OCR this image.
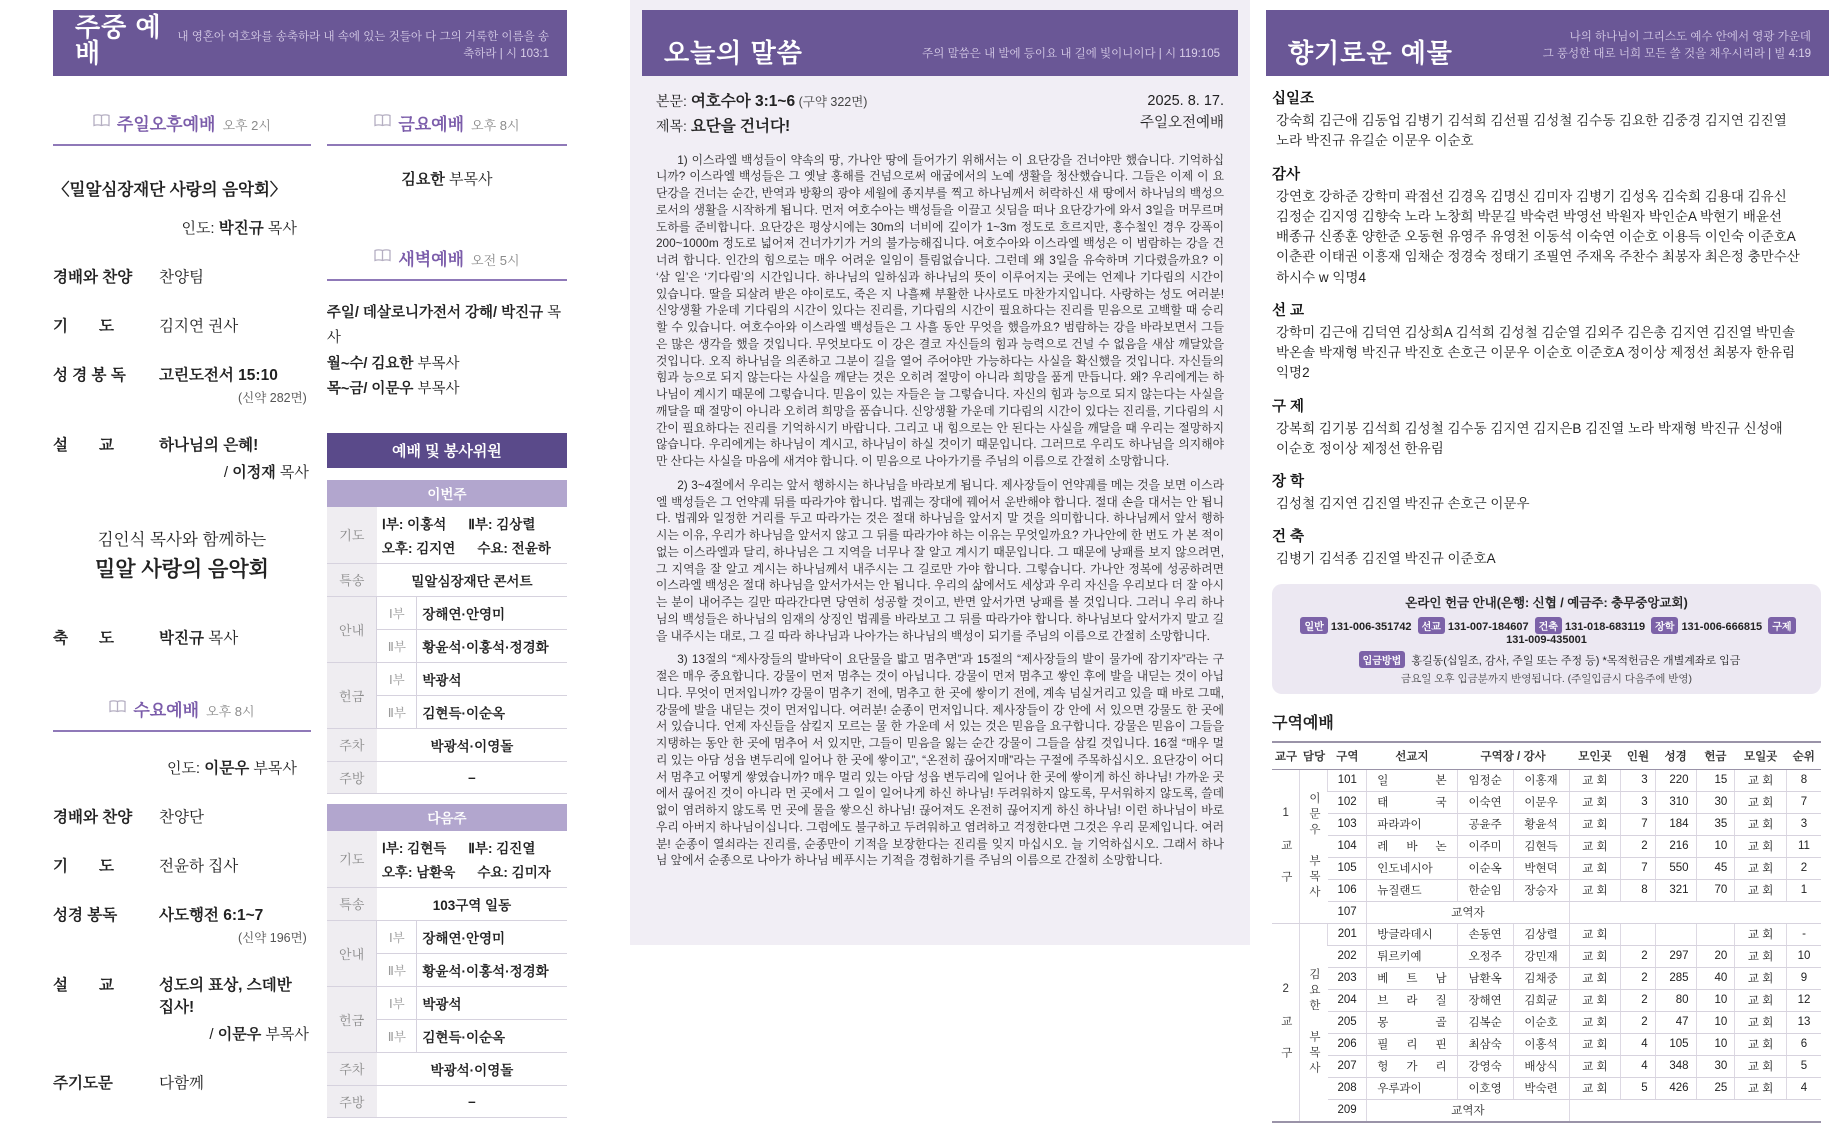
주중 예배
내 영혼아 여호와를 송축하라 내 속에 있는 것들아 다 그의 거룩한 이름을 송축하라 | 시 103:1
주일오후예배 오후 2시
〈밀알심장재단 사랑의 음악회〉
인도: 박진규 목사
경배와 찬양	찬양팀
기  도	김지연 권사
성 경 봉 독	고린도전서 15:10
(신약 282면)
설  교	하나님의 은혜!
/ 이정재 목사
김인식 목사와 함께하는
밀알 사랑의 음악회
축  도	박진규 목사
수요예배 오후 8시
인도: 이문우 부목사
경배와 찬양	찬양단
기  도	전윤하 집사
성경 봉독	사도행전 6:1~7
(신약 196면)
설  교	성도의 표상, 스데반 집사!
/ 이문우 부목사
주기도문	다함께
금요예배 오후 8시
김요한 부목사
새벽예배 오전 5시
주일/ 데살로니가전서 강해/ 박진규 목사
월~수/ 김요한 부목사
목~금/ 이문우 부목사
예배 및 봉사위원
이번주		
기도	Ⅰ부: 이홍석 Ⅱ부: 김상렬
오후: 김지연 수요: 전윤하	

특송	밀알심장재단 콘서트	
안내	Ⅰ부	장해연·안영미
	Ⅱ부	황윤석·이홍석·정경화
헌금	Ⅰ부	박광석
	Ⅱ부	김현득·이순옥
주차	박광석·이영돌	
주방	–	
다음주		
기도	Ⅰ부: 김현득 Ⅱ부: 김진열
오후: 남환욱 수요: 김미자	

특송	103구역 일동	
안내	Ⅰ부	장해연·안영미
	Ⅱ부	황윤석·이홍석·정경화
헌금	Ⅰ부	박광석
	Ⅱ부	김현득·이순옥
주차	박광석·이영돌	
주방	–	
오늘의 말씀	주의 말씀은 내 발에 등이요 내 길에 빛이니이다 | 시 119:105
본문: 여호수아 3:1~6 (구약 322면)
제목: 요단을 건너다!
2025. 8. 17.
주일오전예배

1) 이스라엘 백성들이 약속의 땅, 가나안 땅에 들어가기 위해서는 이 요단강을 건너야만 했습니다. 기억하십니까? 이스라엘 백성들은 그 옛날 홍해를 건넘으로써 애굽에서의 노예 생활을 청산했습니다. 그들은 이제 이 요단강을 건너는 순간, 반역과 방황의 광야 세월에 종지부를 찍고 하나님께서 허락하신 새 땅에서 하나님의 백성으로서의 생활을 시작하게 됩니다. 먼저 여호수아는 백성들을 이끌고 싯딤을 떠나 요단강가에 와서 3일을 머무르며 도하를 준비합니다. 요단강은 평상시에는 30m의 너비에 깊이가 1~3m 정도로 흐르지만, 홍수철인 경우 강폭이 200~1000m 정도로 넓어져 건너가기가 거의 불가능해집니다. 여호수아와 이스라엘 백성은 이 범람하는 강을 건너려 합니다. 인간의 힘으로는 매우 어려운 일임이 틀림없습니다. 그런데 왜 3일을 유숙하며 기다렸을까요? 이 ‘삼 일’은 ‘기다림’의 시간입니다. 하나님의 일하심과 하나님의 뜻이 이루어지는 곳에는 언제나 기다림의 시간이 있습니다. 딸을 되살려 받은 야이로도, 죽은 지 나흘째 부활한 나사로도 마찬가지입니다. 사랑하는 성도 여러분! 신앙생활 가운데 기다림의 시간이 있다는 진리를, 기다림의 시간이 필요하다는 진리를 믿음으로 고백할 때 승리할 수 있습니다. 여호수아와 이스라엘 백성들은 그 사흘 동안 무엇을 했을까요? 범람하는 강을 바라보면서 그들은 많은 생각을 했을 것입니다. 무엇보다도 이 강은 결코 자신들의 힘과 능력으로 건널 수 없음을 새삼 깨달았을 것입니다. 오직 하나님을 의존하고 그분이 길을 열어 주어야만 가능하다는 사실을 확신했을 것입니다. 자신들의 힘과 능으로 되지 않는다는 사실을 깨닫는 것은 오히려 절망이 아니라 희망을 품게 만듭니다. 왜? 우리에게는 하나님이 계시기 때문에 그렇습니다. 믿음이 있는 자들은 늘 그렇습니다. 자신의 힘과 능으로 되지 않는다는 사실을 깨달을 때 절망이 아니라 오히려 희망을 품습니다. 신앙생활 가운데 기다림의 시간이 있다는 진리를, 기다림의 시간이 필요하다는 진리를 기억하시기 바랍니다. 그리고 내 힘으로는 안 된다는 사실을 깨달을 때 우리는 절망하지 않습니다. 우리에게는 하나님이 계시고, 하나님이 하실 것이기 때문입니다. 그러므로 우리도 하나님을 의지해야만 산다는 사실을 마음에 새겨야 합니다. 이 믿음으로 나아가기를 주님의 이름으로 간절히 소망합니다.

2) 3~4절에서 우리는 앞서 행하시는 하나님을 바라보게 됩니다. 제사장들이 언약궤를 메는 것을 보면 이스라엘 백성들은 그 언약궤 뒤를 따라가야 합니다. 법궤는 장대에 꿰어서 운반해야 합니다. 절대 손을 대서는 안 됩니다. 법궤와 일정한 거리를 두고 따라가는 것은 절대 하나님을 앞서지 말 것을 의미합니다. 하나님께서 앞서 행하시는 이유, 우리가 하나님을 앞서지 않고 그 뒤를 따라가야 하는 이유는 무엇일까요? 가나안에 한 번도 가 본 적이 없는 이스라엘과 달리, 하나님은 그 지역을 너무나 잘 알고 계시기 때문입니다. 그 때문에 낭패를 보지 않으려면, 그 지역을 잘 알고 계시는 하나님께서 내주시는 그 길로만 가야 합니다. 그렇습니다. 가나안 정복에 성공하려면 이스라엘 백성은 절대 하나님을 앞서가서는 안 됩니다. 우리의 삶에서도 세상과 우리 자신을 우리보다 더 잘 아시는 분이 내어주는 길만 따라간다면 당연히 성공할 것이고, 반면 앞서가면 낭패를 볼 것입니다. 그러니 우리 하나님의 백성들은 하나님의 임재의 상징인 법궤를 바라보고 그 뒤를 따라가야 합니다. 하나님보다 앞서가지 말고 길을 내주시는 대로, 그 길 따라 하나님과 나아가는 하나님의 백성이 되기를 주님의 이름으로 간절히 소망합니다.

3) 13절의 “제사장들의 발바닥이 요단물을 밟고 멈추면”과 15절의 “제사장들의 발이 물가에 잠기자”라는 구절은 매우 중요합니다. 강물이 먼저 멈추는 것이 아닙니다. 강물이 먼저 멈추고 쌓인 후에 발을 내딛는 것이 아닙니다. 무엇이 먼저입니까? 강물이 멈추기 전에, 멈추고 한 곳에 쌓이기 전에, 계속 넘실거리고 있을 때 바로 그때, 강물에 발을 내딛는 것이 먼저입니다. 여러분! 순종이 먼저입니다. 제사장들이 강 안에 서 있으면 강물도 한 곳에 서 있습니다. 언제 자신들을 삼킬지 모르는 물 한 가운데 서 있는 것은 믿음을 요구합니다. 강물은 믿음이 그들을 지탱하는 동안 한 곳에 멈추어 서 있지만, 그들이 믿음을 잃는 순간 강물이 그들을 삼킬 것입니다. 16절 “매우 멀리 있는 아담 성읍 변두리에 일어나 한 곳에 쌓이고”, “온전히 끊어지매”라는 구절에 주목하십시오. 요단강이 어디서 멈추고 어떻게 쌓였습니까? 매우 멀리 있는 아담 성읍 변두리에 일어나 한 곳에 쌓이게 하신 하나님! 가까운 곳에서 끊어진 것이 아니라 먼 곳에서 그 일이 일어나게 하신 하나님! 두려워하지 않도록, 무서워하지 않도록, 쓸데없이 염려하지 않도록 먼 곳에 물을 쌓으신 하나님! 끊어져도 온전히 끊어지게 하신 하나님! 이런 하나님이 바로 우리 아버지 하나님이십니다. 그럼에도 불구하고 두려워하고 염려하고 걱정한다면 그것은 우리 문제입니다. 여러분! 순종이 열쇠라는 진리를, 순종만이 기적을 보장한다는 진리를 잊지 마십시오. 늘 기억하십시오. 그래서 하나님 앞에서 순종으로 나아가 하나님 베푸시는 기적을 경험하기를 주님의 이름으로 간절히 소망합니다.

향기로운 예물
나의 하나님이 그리스도 예수 안에서 영광 가운데
그 풍성한 대로 너희 모든 쓸 것을 채우시리라 | 빌 4:19
십일조
강숙희 김근애 김동업 김병기 김석희 김선필 김성철 김수동 김요한 김중경 김지연 김진열
노라 박진규 유길순 이문우 이순호
감사
강연호 강하준 강학미 곽점선 김경옥 김명신 김미자 김병기 김성옥 김숙희 김용대 김유신
김정순 김지영 김향숙 노라 노창희 박문길 박숙련 박영선 박원자 박인순A 박현기 배윤선
배종규 신종훈 양한준 오동현 유영주 유영천 이동석 이숙연 이순호 이용득 이인숙 이준호A
이춘관 이태권 이흥재 임채순 정경숙 정태기 조필연 주재옥 주찬수 최봉자 최은정 충만수산
하시수 w 익명4
선 교
강학미 김근애 김덕연 김상희A 김석희 김성철 김순열 김외주 김은총 김지연 김진열 박민솔
박온솔 박재형 박진규 박진호 손호근 이문우 이순호 이준호A 정이상 제정선 최봉자 한유림
익명2
구 제
강복희 김기봉 김석희 김성철 김수동 김지연 김지은B 김진열 노라 박재형 박진규 신성애
이순호 정이상 제정선 한유림
장 학
김성철 김지연 김진열 박진규 손호근 이문우
건 축
김병기 김석종 김진열 박진규 이준호A
온라인 헌금 안내(은행: 신협 / 예금주: 충무중앙교회)
일반 131-006-351742 선교 131-007-184607 건축 131-018-683119 장학 131-006-666815 구제131-009-435001
입금방법 홍길동(십일조, 감사, 주일 또는 주정 등) *목적헌금은 개별계좌로 입금
금요일 오후 입금분까지 반영됩니다. (주일입금시 다음주에 반영)
구역예배
교구	담당	구역	선교지	구역장 / 강사		모인곳	인원	성경	헌금	모일곳	순위
1 교 구	이문우 부목사	101	일 본	임정순	이홍재	교 회	3	220	15	교 회	8
		102	태 국	이숙연	이문우	교 회	3	310	30	교 회	7
		103	파라과이	공윤주	황윤석	교 회	7	184	35	교 회	3
		104	레 바 논	이주미	김현득	교 회	2	216	10	교 회	11
		105	인도네시아	이순옥	박현덕	교 회	7	550	45	교 회	2
		106	뉴질랜드	한순임	장승자	교 회	8	321	70	교 회	1
		107	교역자								
2 교 구	김요한 부목사	201	방글라데시	손동연	김상렬	교 회				교 회	-
		202	튀르키예	오정주	강민재	교 회	2	297	20	교 회	10
		203	베 트 남	남환옥	김채중	교 회	2	285	40	교 회	9
		204	브 라 질	장해연	김희균	교 회	2	80	10	교 회	12
		205	몽 골	김복순	이순호	교 회	2	47	10	교 회	13
		206	필 리 핀	최삼숙	이홍석	교 회	4	105	10	교 회	6
		207	헝 가 리	강영숙	배상식	교 회	4	348	30	교 회	5
		208	우루과이	이호영	박숙련	교 회	5	426	25	교 회	4
		209	교역자								
